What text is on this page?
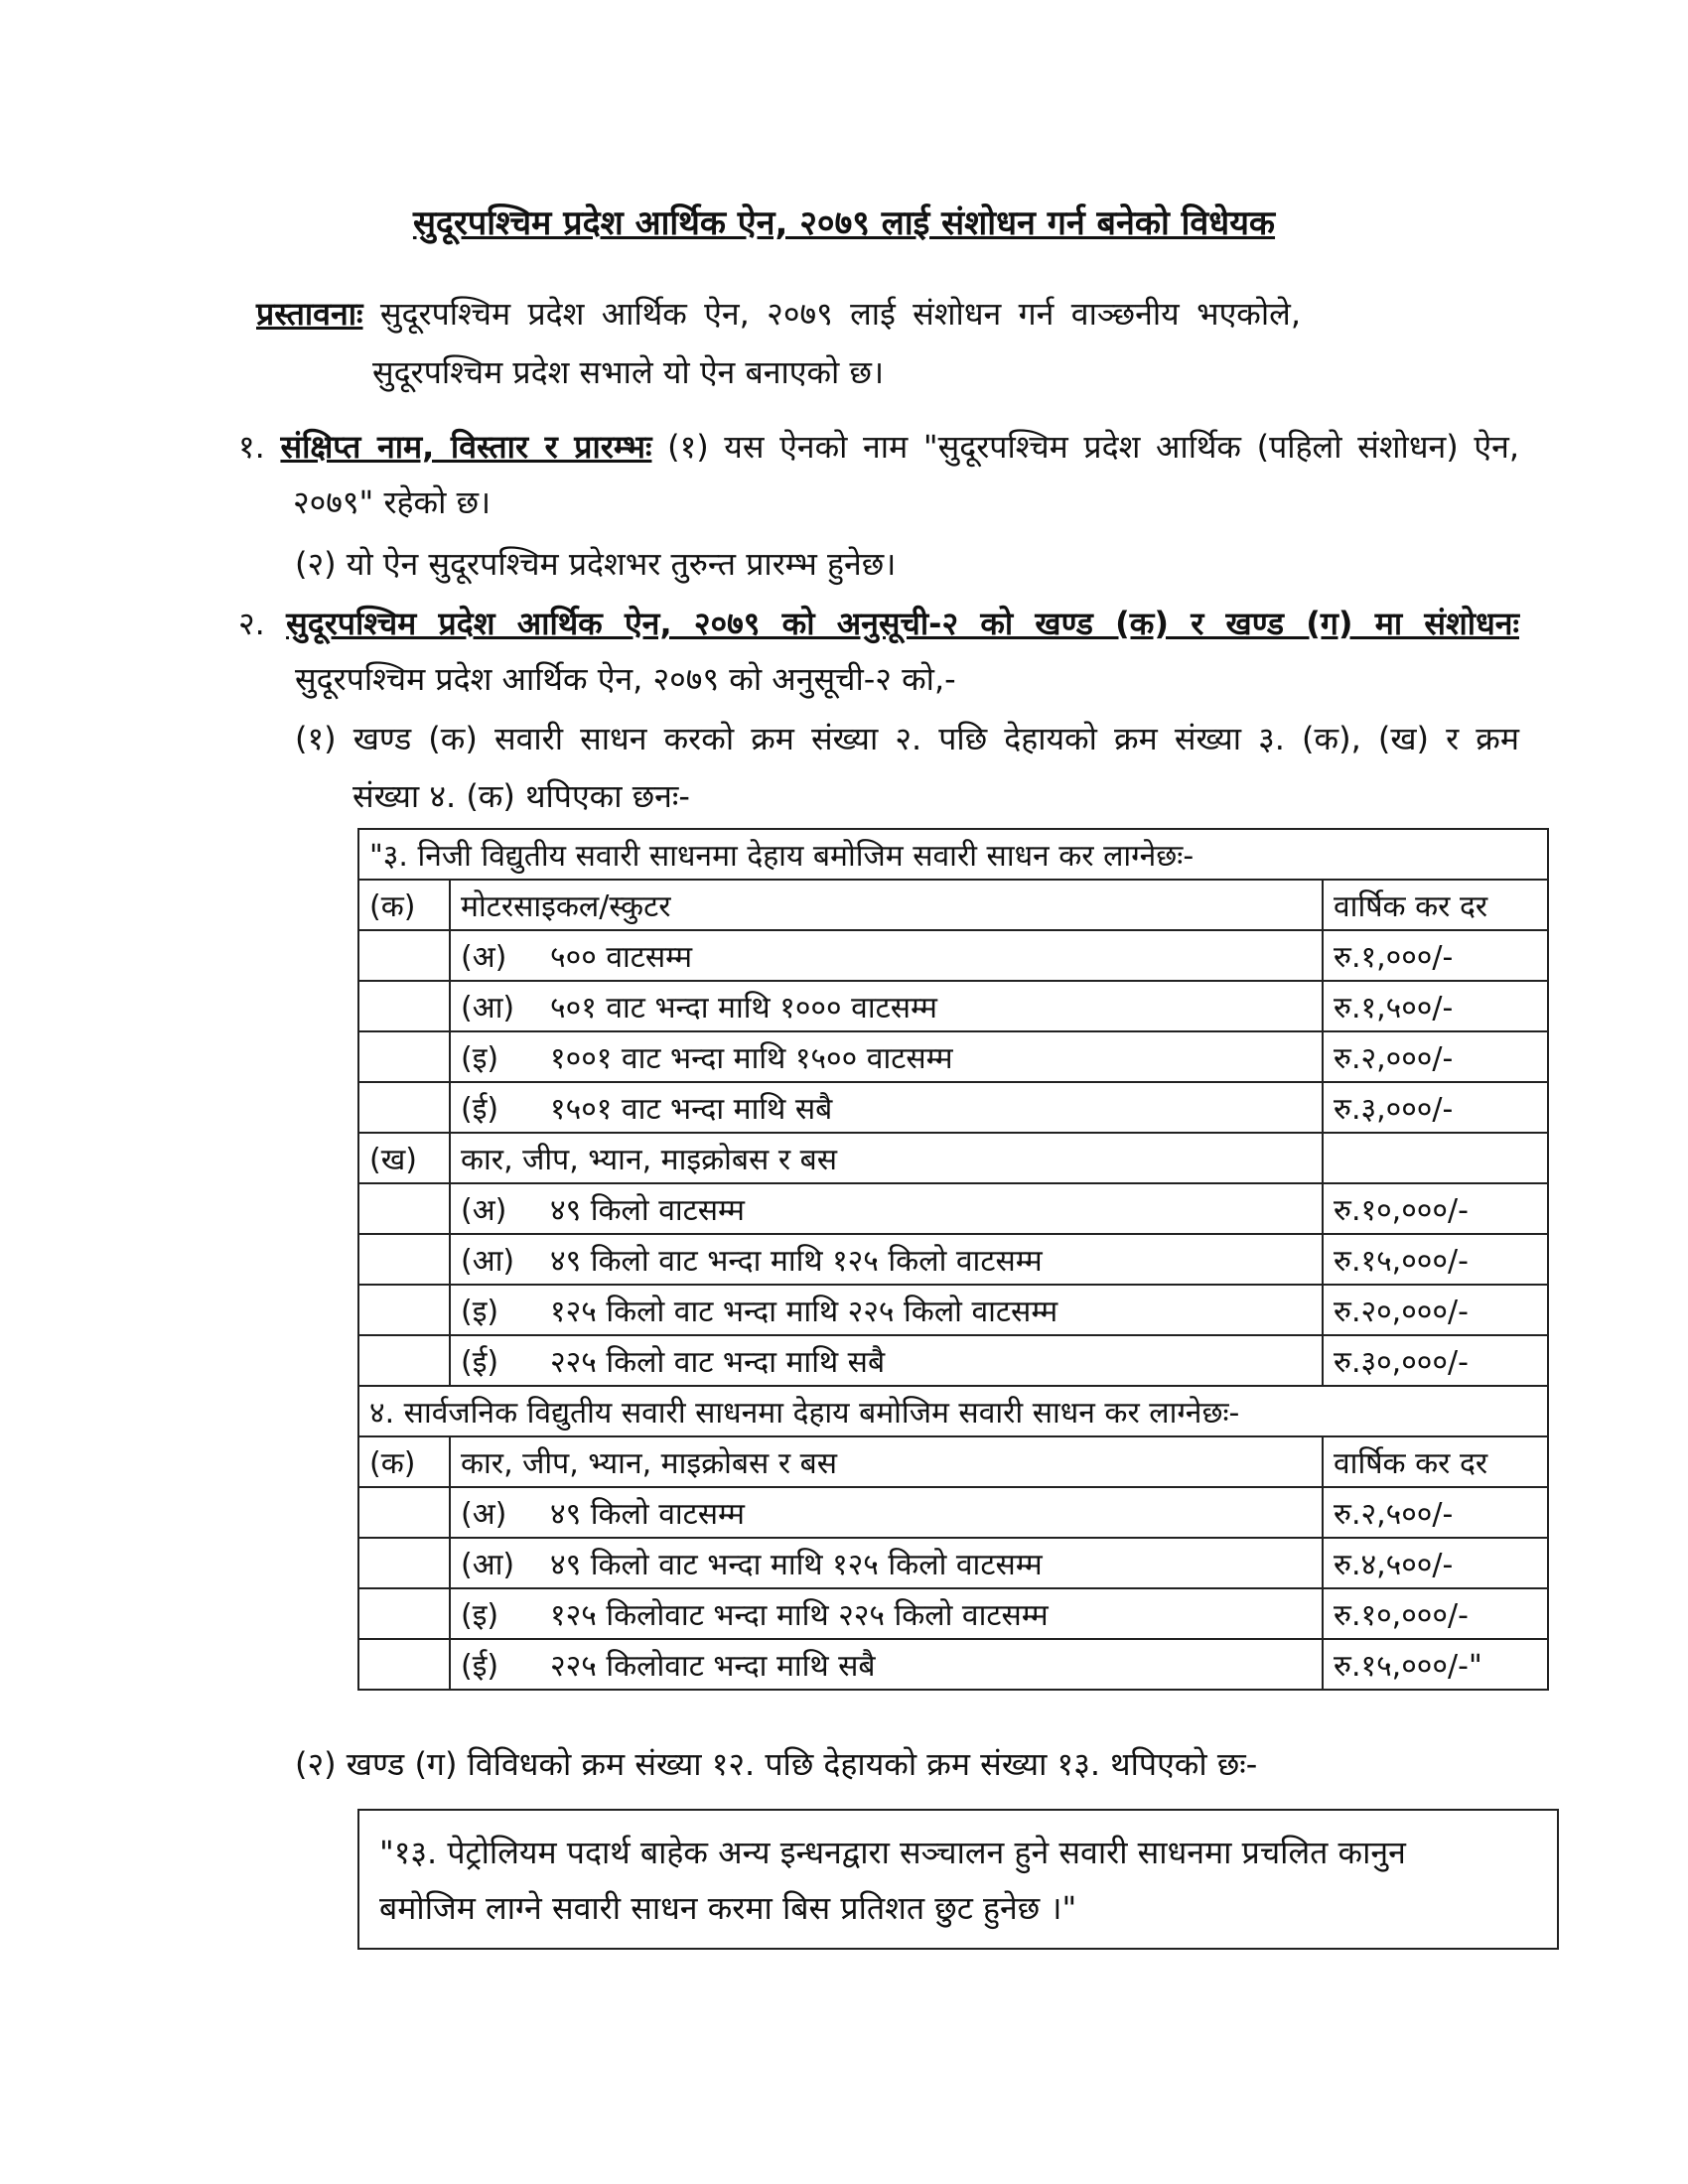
सुदूरपश्चिम प्रदेश आर्थिक ऐन, २०७९ लाई संशोधन गर्न बनेको विधेयक
प्रस्तावनाः सुदूरपश्चिम प्रदेश आर्थिक ऐन, २०७९ लाई संशोधन गर्न वाञ्छनीय भएकोले,
सुदूरपश्चिम प्रदेश सभाले यो ऐन बनाएको छ।
१. संक्षिप्त नाम, विस्तार र प्रारम्भः (१) यस ऐनको नाम "सुदूरपश्चिम प्रदेश आर्थिक (पहिलो संशोधन) ऐन,
२०७९" रहेको छ।
(२) यो ऐन सुदूरपश्चिम प्रदेशभर तुरुन्त प्रारम्भ हुनेछ।
२. सुदूरपश्चिम प्रदेश आर्थिक ऐन, २०७९ को अनुसूची-२ को खण्ड (क) र खण्ड (ग) मा संशोधनः
सुदूरपश्चिम प्रदेश आर्थिक ऐन, २०७९ को अनुसूची-२ को,-
(१) खण्ड (क) सवारी साधन करको क्रम संख्या २. पछि देहायको क्रम संख्या ३. (क), (ख) र क्रम
संख्या ४. (क) थपिएका छनः-
"३. निजी विद्युतीय सवारी साधनमा देहाय बमोजिम सवारी साधन कर लाग्नेछः-		
(क)	मोटरसाइकल/स्कुटर	वार्षिक कर दर
	(अ) ५०० वाटसम्म	रु.१,०००/-
	(आ) ५०१ वाट भन्दा माथि १००० वाटसम्म	रु.१,५००/-
	(इ) १००१ वाट भन्दा माथि १५०० वाटसम्म	रु.२,०००/-
	(ई) १५०१ वाट भन्दा माथि सबै	रु.३,०००/-
(ख)	कार, जीप, भ्यान, माइक्रोबस र बस	
	(अ) ४९ किलो वाटसम्म	रु.१०,०००/-
	(आ) ४९ किलो वाट भन्दा माथि १२५ किलो वाटसम्म	रु.१५,०००/-
	(इ) १२५ किलो वाट भन्दा माथि २२५ किलो वाटसम्म	रु.२०,०००/-
	(ई) २२५ किलो वाट भन्दा माथि सबै	रु.३०,०००/-
४. सार्वजनिक विद्युतीय सवारी साधनमा देहाय बमोजिम सवारी साधन कर लाग्नेछः-		
(क)	कार, जीप, भ्यान, माइक्रोबस र बस	वार्षिक कर दर
	(अ) ४९ किलो वाटसम्म	रु.२,५००/-
	(आ) ४९ किलो वाट भन्दा माथि १२५ किलो वाटसम्म	रु.४,५००/-
	(इ) १२५ किलोवाट भन्दा माथि २२५ किलो वाटसम्म	रु.१०,०००/-
	(ई) २२५ किलोवाट भन्दा माथि सबै	रु.१५,०००/-"
(२) खण्ड (ग) विविधको क्रम संख्या १२. पछि देहायको क्रम संख्या १३. थपिएको छः-
"१३. पेट्रोलियम पदार्थ बाहेक अन्य इन्धनद्वारा सञ्चालन हुने सवारी साधनमा प्रचलित कानुन
बमोजिम लाग्ने सवारी साधन करमा बिस प्रतिशत छुट हुनेछ ।"
